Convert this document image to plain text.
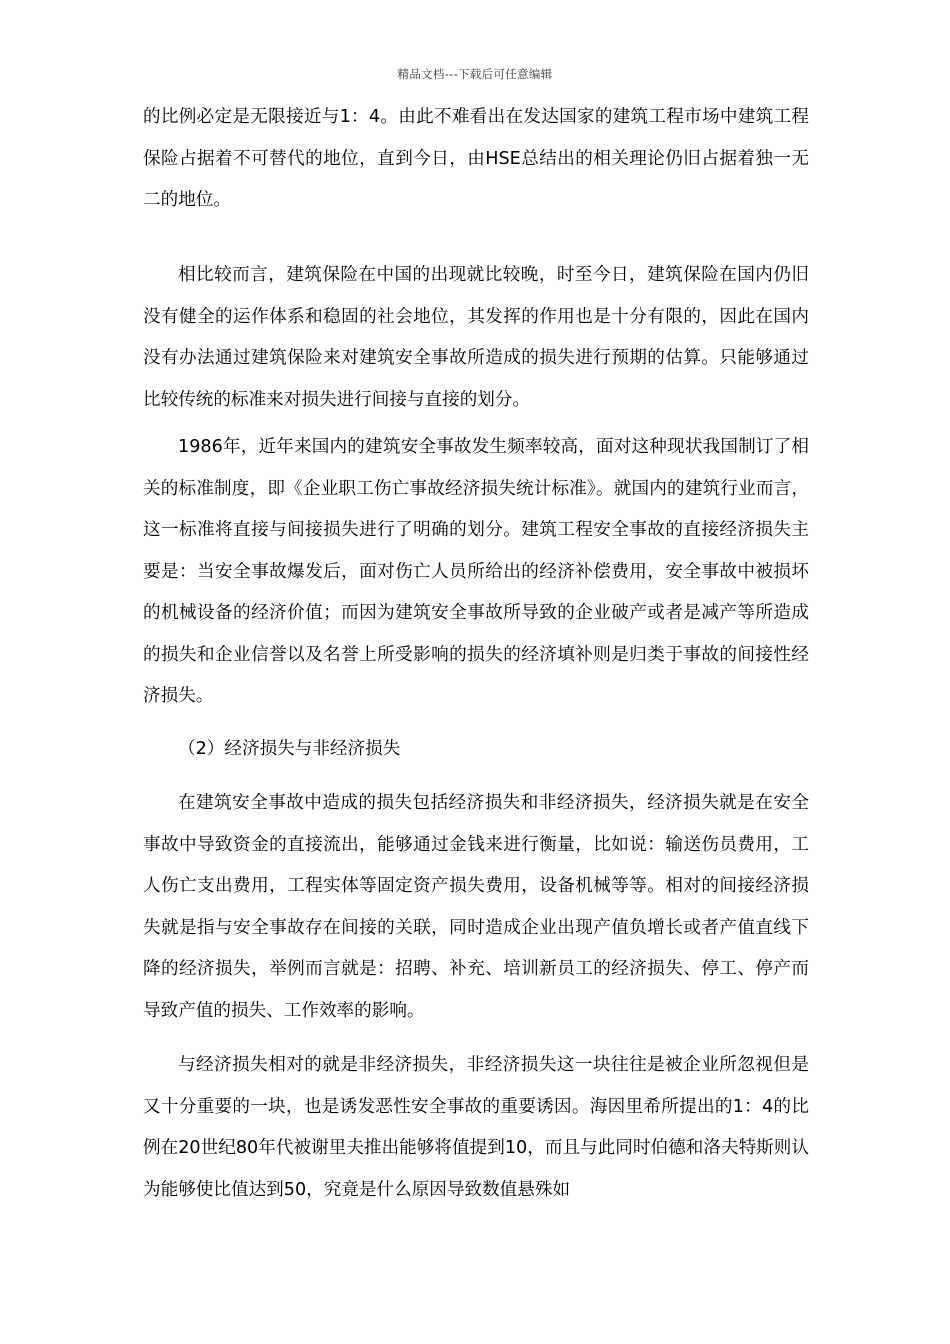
精品文档---下载后可任意编辑

的比例必定是无限接近与1：4。由此不难看出在发达国家的建筑工程市场中建筑工程保险占据着不可替代的地位，直到今日，由HSE总结出的相关理论仍旧占据着独一无二的地位。

相比较而言，建筑保险在中国的出现就比较晚，时至今日，建筑保险在国内仍旧没有健全的运作体系和稳固的社会地位，其发挥的作用也是十分有限的，因此在国内没有办法通过建筑保险来对建筑安全事故所造成的损失进行预期的估算。只能够通过比较传统的标准来对损失进行间接与直接的划分。

1986年，近年来国内的建筑安全事故发生频率较高，面对这种现状我国制订了相关的标准制度，即《企业职工伤亡事故经济损失统计标准》。就国内的建筑行业而言，这一标准将直接与间接损失进行了明确的划分。建筑工程安全事故的直接经济损失主要是：当安全事故爆发后，面对伤亡人员所给出的经济补偿费用，安全事故中被损坏的机械设备的经济价值；而因为建筑安全事故所导致的企业破产或者是减产等所造成的损失和企业信誉以及名誉上所受影响的损失的经济填补则是归类于事故的间接性经济损失。

（2）经济损失与非经济损失

在建筑安全事故中造成的损失包括经济损失和非经济损失，经济损失就是在安全事故中导致资金的直接流出，能够通过金钱来进行衡量，比如说：输送伤员费用，工人伤亡支出费用，工程实体等固定资产损失费用，设备机械等等。相对的间接经济损失就是指与安全事故存在间接的关联，同时造成企业出现产值负增长或者产值直线下降的经济损失，举例而言就是：招聘、补充、培训新员工的经济损失、停工、停产而导致产值的损失、工作效率的影响。

与经济损失相对的就是非经济损失，非经济损失这一块往往是被企业所忽视但是又十分重要的一块，也是诱发恶性安全事故的重要诱因。海因里希所提出的1：4的比例在20世纪80年代被谢里夫推出能够将值提到10，而且与此同时伯德和洛夫特斯则认为能够使比值达到50，究竟是什么原因导致数值悬殊如
